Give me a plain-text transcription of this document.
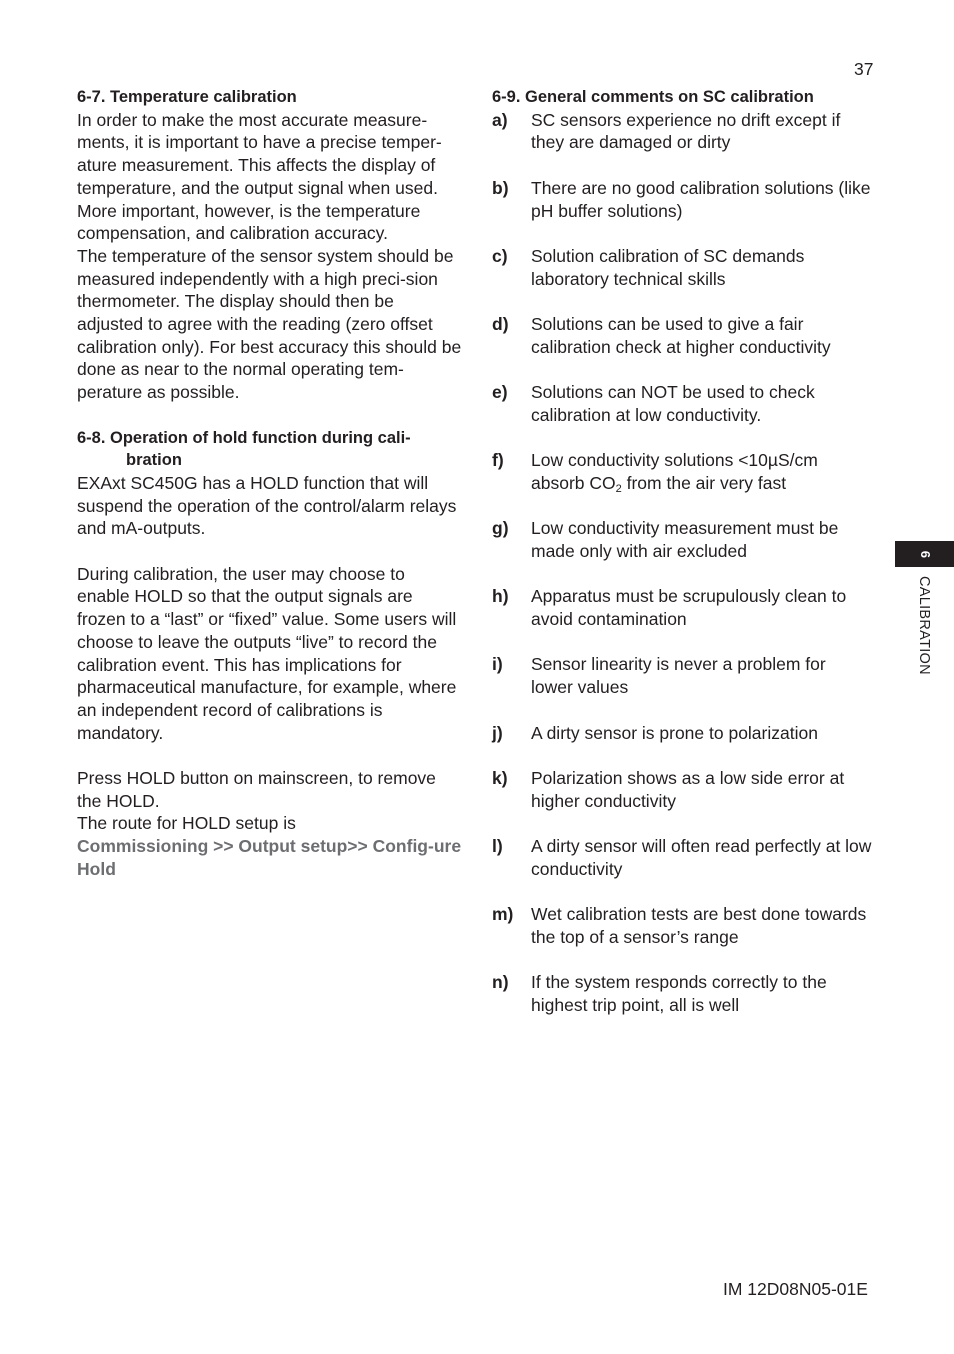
37
6-7. Temperature calibration

In order to make the most accurate measure-ments, it is important to have a precise temper-ature measurement. This affects the display of temperature, and the output signal when used. More important, however, is the temperature compensation, and calibration accuracy.

The temperature of the sensor system should be measured independently with a high preci-sion thermometer. The display should then be adjusted to agree with the reading (zero offset calibration only). For best accuracy this should be done as near to the normal operating tem-perature as possible.

6-8. Operation of hold function during cali-
bration

EXAxt SC450G has a HOLD function that will suspend the operation of the control/alarm relays and mA-outputs.

During calibration, the user may choose to enable HOLD so that the output signals are frozen to a “last” or “fixed” value. Some users will choose to leave the outputs “live” to record the calibration event. This has implications for pharmaceutical manufacture, for example, where an independent record of calibrations is mandatory.

Press HOLD button on mainscreen, to remove the HOLD.

The route for HOLD setup is

Commissioning >> Output setup>> Config-ure Hold

6-9. General comments on SC calibration
a)	SC sensors experience no drift except if they are damaged or dirty
b)	There are no good calibration solutions (like pH buffer solutions)
c)	Solution calibration of SC demands laboratory technical skills
d)	Solutions can be used to give a fair calibration check at higher conductivity
e)	Solutions can NOT be used to check calibration at low conductivity.
f)	Low conductivity solutions <10µS/cm absorb $CO_2$ from the air very fast
g)	Low conductivity measurement must be made only with air excluded
h)	Apparatus must be scrupulously clean to avoid contamination
i)	Sensor linearity is never a problem for lower values
j)	A dirty sensor is prone to polarization
k)	Polarization shows as a low side error at higher conductivity
l)	A dirty sensor will often read perfectly at low conductivity
m)	Wet calibration tests are best done towards the top of a sensor’s range
n)	If the system responds correctly to the highest trip point, all is well
6
CALIBRATION
IM 12D08N05-01E
